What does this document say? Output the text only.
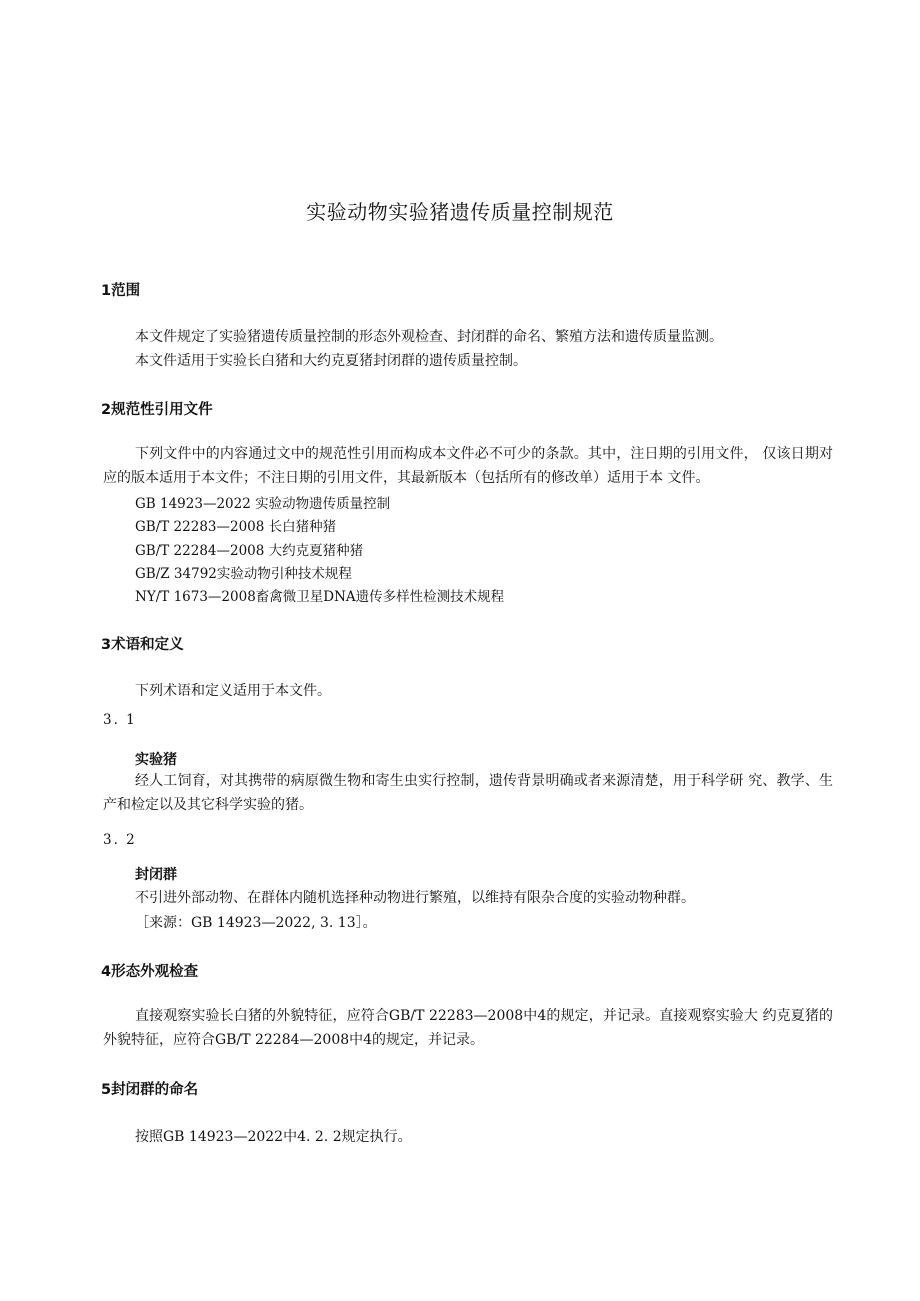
实验动物实验猪遗传质量控制规范
1范围
本文件规定了实验猪遗传质量控制的形态外观检查、封闭群的命名、繁殖方法和遗传质量监测。
本文件适用于实验长白猪和大约克夏猪封闭群的遗传质量控制。
2规范性引用文件
下列文件中的内容通过文中的规范性引用而构成本文件必不可少的条款。其中，注日期的引用文件， 仅该日期对应的版本适用于本文件；不注日期的引用文件，其最新版本（包括所有的修改单）适用于本 文件。
GB 14923—2022 实验动物遗传质量控制
GB/T 22283—2008 长白猪种猪
GB/T 22284—2008 大约克夏猪种猪
GB/Z 34792实验动物引种技术规程
NY/T 1673—2008畜禽微卫星DNA遗传多样性检测技术规程
3术语和定义
下列术语和定义适用于本文件。
3. 1
实验猪
经人工饲育，对其携带的病原微生物和寄生虫实行控制，遗传背景明确或者来源清楚，用于科学研 究、教学、生产和检定以及其它科学实验的猪。
3. 2
封闭群
不引进外部动物、在群体内随机选择种动物进行繁殖，以维持有限杂合度的实验动物种群。
［来源：GB 14923—2022, 3. 13］。
4形态外观检查
直接观察实验长白猪的外貌特征，应符合GB/T 22283—2008中4的规定，并记录。直接观察实验大 约克夏猪的外貌特征，应符合GB/T 22284—2008中4的规定，并记录。
5封闭群的命名
按照GB 14923—2022中4. 2. 2规定执行。
